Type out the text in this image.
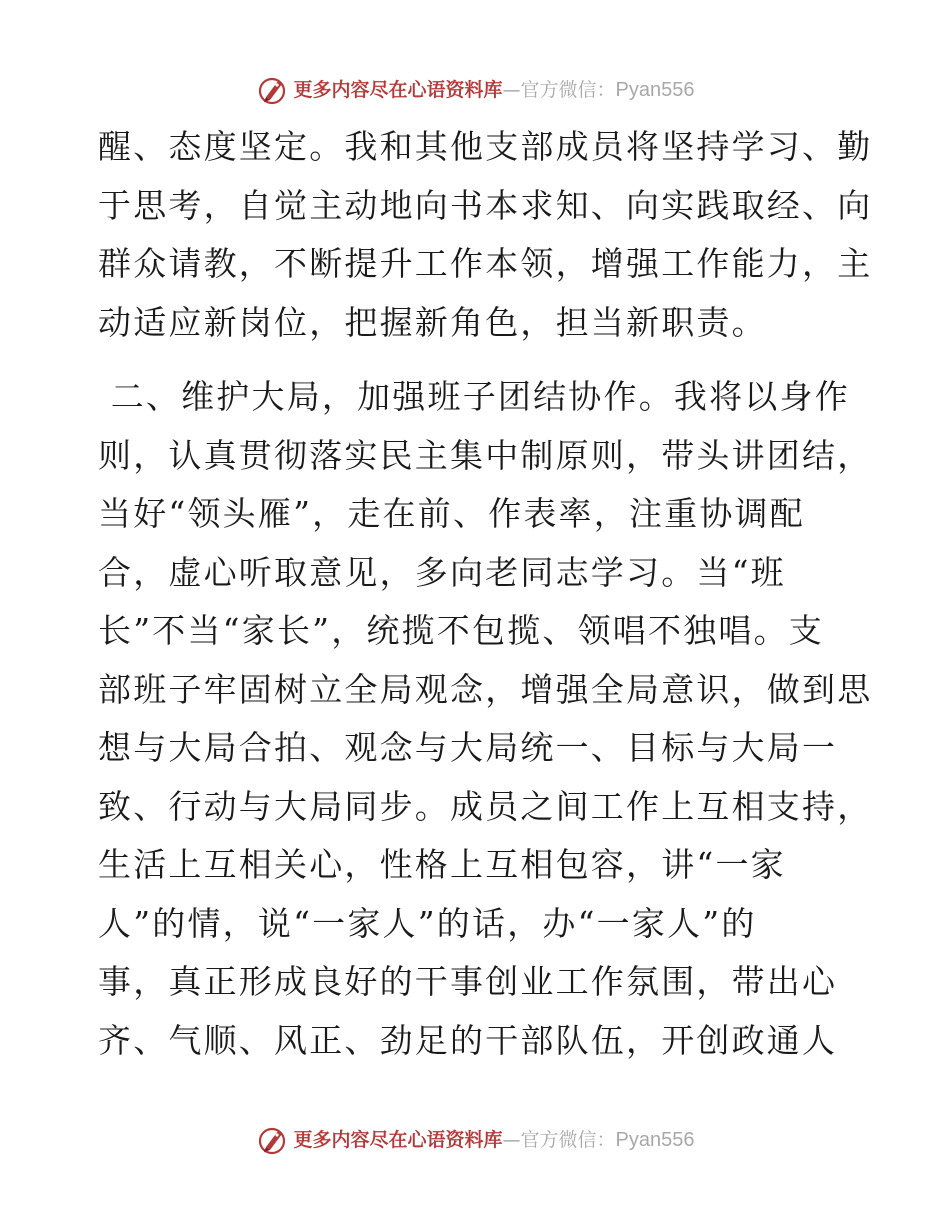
更多内容尽在心语资料库 — 官方微信： Pyan556
醒、态度坚定。我和其他支部成员将坚持学习、勤
于思考，自觉主动地向书本求知、向实践取经、向
群众请教，不断提升工作本领，增强工作能力，主
动适应新岗位，把握新角色，担当新职责。
二、维护大局，加强班子团结协作。我将以身作
则，认真贯彻落实民主集中制原则，带头讲团结，
当好“领头雁”，走在前、作表率，注重协调配
合，虚心听取意见，多向老同志学习。当“班
长”不当“家长”，统揽不包揽、领唱不独唱。支
部班子牢固树立全局观念，增强全局意识，做到思
想与大局合拍、观念与大局统一、目标与大局一
致、行动与大局同步。成员之间工作上互相支持，
生活上互相关心，性格上互相包容，讲“一家
人”的情，说“一家人”的话，办“一家人”的
事，真正形成良好的干事创业工作氛围，带出心
齐、气顺、风正、劲足的干部队伍，开创政通人
更多内容尽在心语资料库 — 官方微信： Pyan556
